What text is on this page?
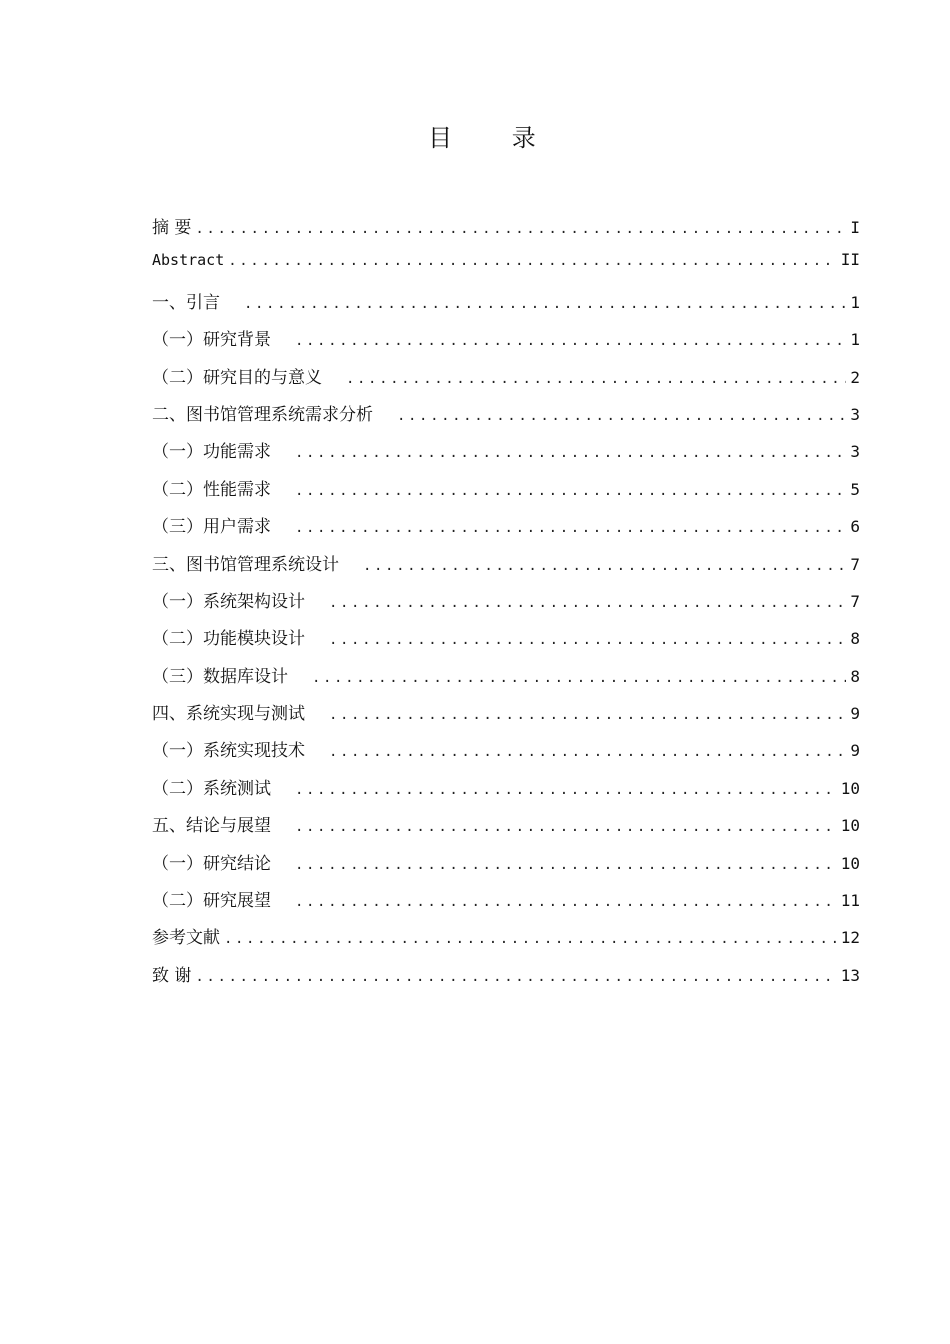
目 录
摘 要 .....	I
Abstract .....	II
一、引言 .....	1
（一）研究背景 .....	1
（二）研究目的与意义 .....	2
二、图书馆管理系统需求分析 .....	3
（一）功能需求 .....	3
（二）性能需求 .....	5
（三）用户需求 .....	6
三、图书馆管理系统设计 .....	7
（一）系统架构设计 .....	7
（二）功能模块设计 .....	8
（三）数据库设计 .....	8
四、系统实现与测试 .....	9
（一）系统实现技术 .....	9
（二）系统测试 .....	10
五、结论与展望 .....	10
（一）研究结论 .....	10
（二）研究展望 .....	11
参考文献 .....	12
致 谢 .....	13
